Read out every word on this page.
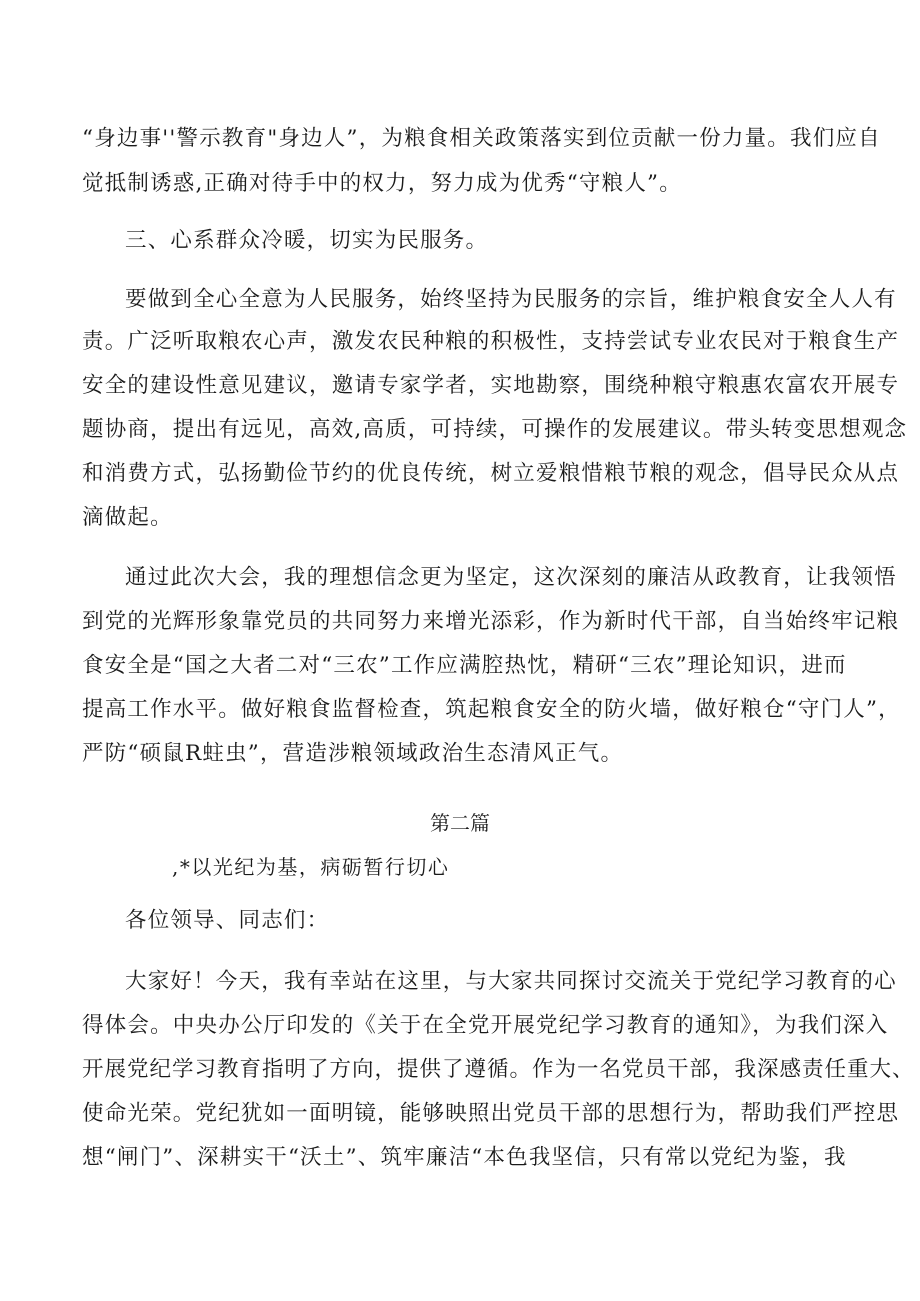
“身边事''警示教育"身边人”，为粮食相关政策落实到位贡献一份力量。我们应自
觉抵制诱惑,正确对待手中的权力，努力成为优秀“守粮人”。
三、心系群众冷暖，切实为民服务。
要做到全心全意为人民服务，始终坚持为民服务的宗旨，维护粮食安全人人有
责。广泛听取粮农心声，激发农民种粮的积极性，支持尝试专业农民对于粮食生产
安全的建设性意见建议，邀请专家学者，实地勘察，围绕种粮守粮惠农富农开展专
题协商，提出有远见，高效,高质，可持续，可操作的发展建议。带头转变思想观念
和消费方式，弘扬勤俭节约的优良传统，树立爱粮惜粮节粮的观念，倡导民众从点
滴做起。
通过此次大会，我的理想信念更为坚定，这次深刻的廉洁从政教育，让我领悟
到党的光辉形象靠党员的共同努力来增光添彩，作为新时代干部，自当始终牢记粮
食安全是“国之大者二对“三农”工作应满腔热忱，精研“三农”理论知识，进而
提高工作水平。做好粮食监督检查，筑起粮食安全的防火墙，做好粮仓“守门人”，
严防“硕鼠R蛀虫”，营造涉粮领域政治生态清风正气。
第二篇
,*以光纪为基，病砺暂行切心
各位领导、同志们：
大家好！今天，我有幸站在这里，与大家共同探讨交流关于党纪学习教育的心
得体会。中央办公厅印发的《关于在全党开展党纪学习教育的通知》，为我们深入
开展党纪学习教育指明了方向，提供了遵循。作为一名党员干部，我深感责任重大、
使命光荣。党纪犹如一面明镜，能够映照出党员干部的思想行为，帮助我们严控思
想“闸门”、深耕实干“沃土”、筑牢廉洁“本色我坚信，只有常以党纪为鉴，我
